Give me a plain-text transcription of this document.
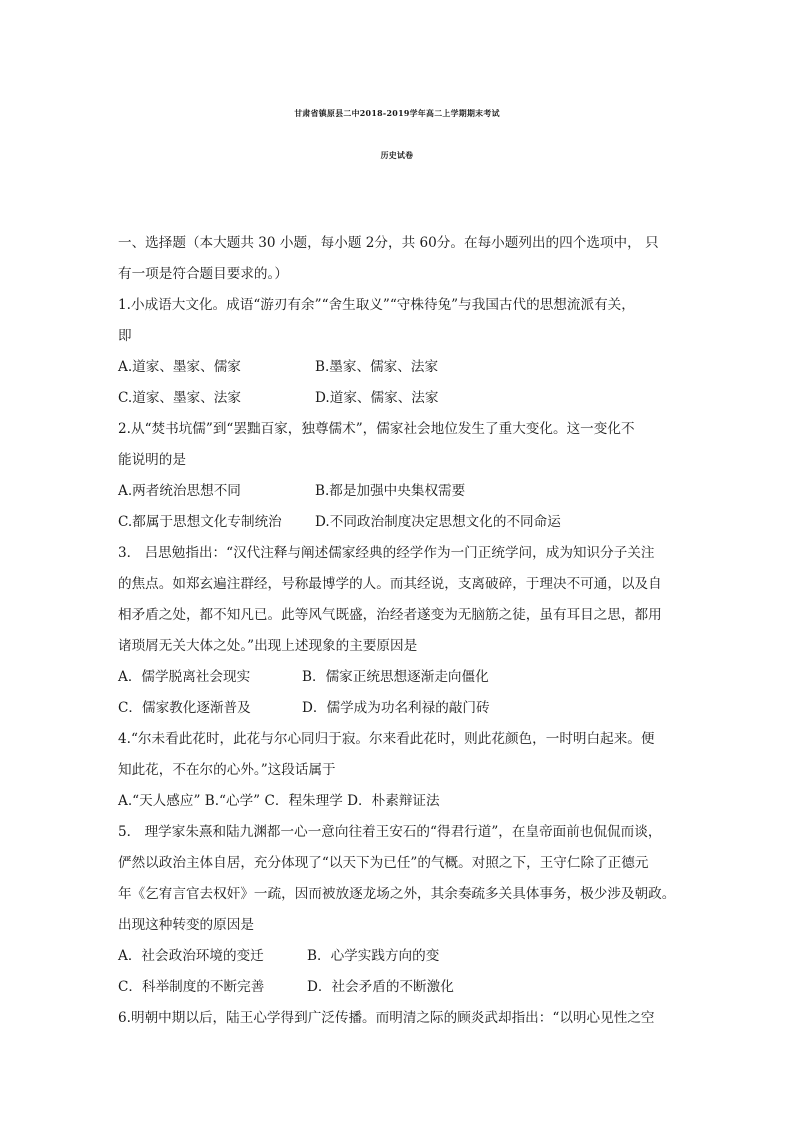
甘肃省镇原县二中2018-2019学年高二上学期期末考试
历史试卷
一、选择题（本大题共 30 小题，每小题 2分，共 60分。在每小题列出的四个选项中， 只
有一项是符合题目要求的。）
1.小成语大文化。成语“游刃有余”“舍生取义”“守株待兔”与我国古代的思想流派有关，
即
A.道家、墨家、儒家	B.墨家、儒家、法家
C.道家、墨家、法家	D.道家、儒家、法家
2.从“焚书坑儒”到“罢黜百家，独尊儒术”，儒家社会地位发生了重大变化。这一变化不
能说明的是
A.两者统治思想不同	B.都是加强中央集权需要
C.都属于思想文化专制统治 D.不同政治制度决定思想文化的不同命运
3． 吕思勉指出：“汉代注释与阐述儒家经典的经学作为一门正统学问，成为知识分子关注
的焦点。如郑玄遍注群经，号称最博学的人。而其经说，支离破碎，于理决不可通，以及自
相矛盾之处，都不知凡已。此等风气既盛，治经者遂变为无脑筋之徒，虽有耳目之思，都用
诸琐屑无关大体之处。”出现上述现象的主要原因是
A．儒学脱离社会现实	B．儒家正统思想逐渐走向僵化
C．儒家教化逐渐普及	D．儒学成为功名利禄的敲门砖
4.“尔未看此花时，此花与尔心同归于寂。尔来看此花时，则此花颜色，一时明白起来。便
知此花，不在尔的心外。”这段话属于
A.“天人感应” B.“心学” C．程朱理学 D．朴素辩证法
5． 理学家朱熹和陆九渊都一心一意向往着王安石的“得君行道”，在皇帝面前也侃侃而谈，
俨然以政治主体自居，充分体现了“以天下为已任”的气概。对照之下，王守仁除了正德元
年《乞宥言官去权奸》一疏，因而被放逐龙场之外，其余奏疏多关具体事务，极少涉及朝政。
出现这种转变的原因是
A．社会政治环境的变迁	B．心学实践方向的变
C．科举制度的不断完善	D．社会矛盾的不断激化
6.明朝中期以后，陆王心学得到广泛传播。而明清之际的顾炎武却指出：“以明心见性之空
